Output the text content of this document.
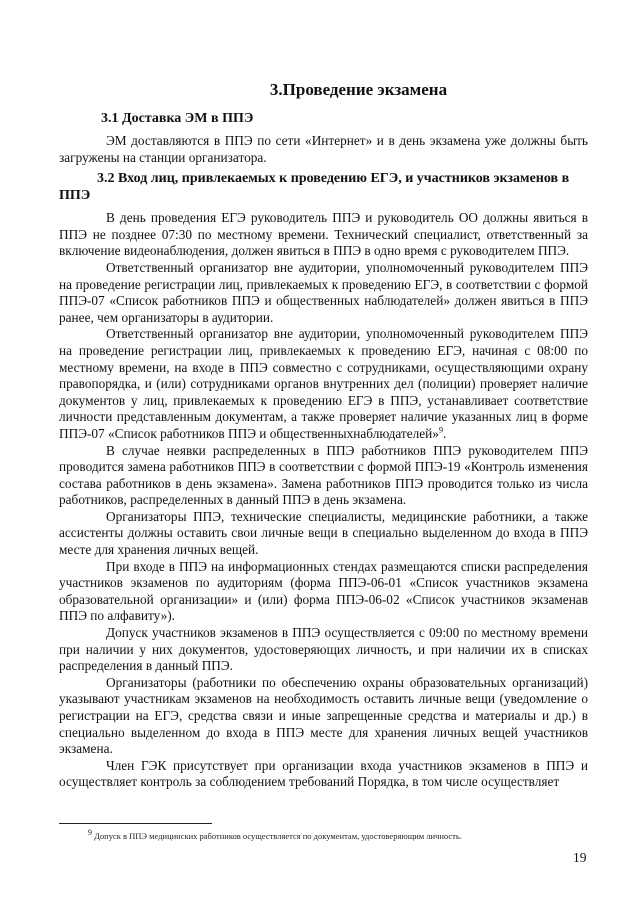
3.Проведение экзамена
3.1 Доставка ЭМ в ППЭ

ЭМ доставляются в ППЭ по сети «Интернет» и в день экзамена уже должны быть загружены на станции организатора.

3.2 Вход лиц, привлекаемых к проведению ЕГЭ, и участников экзаменов в ППЭ

В день проведения ЕГЭ руководитель ППЭ и руководитель ОО должны явиться в ППЭ не позднее 07:30 по местному времени. Технический специалист, ответственный за включение видеонаблюдения, должен явиться в ППЭ в одно время с руководителем ППЭ.

Ответственный организатор вне аудитории, уполномоченный руководителем ППЭ на проведение регистрации лиц, привлекаемых к проведению ЕГЭ, в соответствии с формой ППЭ-07 «Список работников ППЭ и общественных наблюдателей» должен явиться в ППЭ ранее, чем организаторы в аудитории.

Ответственный организатор вне аудитории, уполномоченный руководителем ППЭ на проведение регистрации лиц, привлекаемых к проведению ЕГЭ, начиная с 08:00 по местному времени, на входе в ППЭ совместно с сотрудниками, осуществляющими охрану правопорядка, и (или) сотрудниками органов внутренних дел (полиции) проверяет наличие документов у лиц, привлекаемых к проведению ЕГЭ в ППЭ, устанавливает соответствие личности представленным документам, а также проверяет наличие указанных лиц в форме ППЭ-07 «Список работников ППЭ и общественныхнаблюдателей»$^9$.

В случае неявки распределенных в ППЭ работников ППЭ руководителем ППЭ проводится замена работников ППЭ в соответствии с формой ППЭ-19 «Контроль изменения состава работников в день экзамена». Замена работников ППЭ проводится только из числа работников, распределенных в данный ППЭ в день экзамена.

Организаторы ППЭ, технические специалисты, медицинские работники, а также ассистенты должны оставить свои личные вещи в специально выделенном до входа в ППЭ месте для хранения личных вещей.

При входе в ППЭ на информационных стендах размещаются списки распределения участников экзаменов по аудиториям (форма ППЭ-06-01 «Список участников экзамена образовательной организации» и (или) форма ППЭ-06-02 «Список участников экзаменав ППЭ по алфавиту»).

Допуск участников экзаменов в ППЭ осуществляется с 09:00 по местному времени при наличии у них документов, удостоверяющих личность, и при наличии их в списках распределения в данный ППЭ.

Организаторы (работники по обеспечению охраны образовательных организаций) указывают участникам экзаменов на необходимость оставить личные вещи (уведомление о регистрации на ЕГЭ, средства связи и иные запрещенные средства и материалы и др.) в специально выделенном до входа в ППЭ месте для хранения личных вещей участников экзамена.

Член ГЭК присутствует при организации входа участников экзаменов в ППЭ и осуществляет контроль за соблюдением требований Порядка, в том числе осуществляет

$^9$ Допуск в ППЭ медицинских работников осуществляется по документам, удостоверяющим личность.
19
